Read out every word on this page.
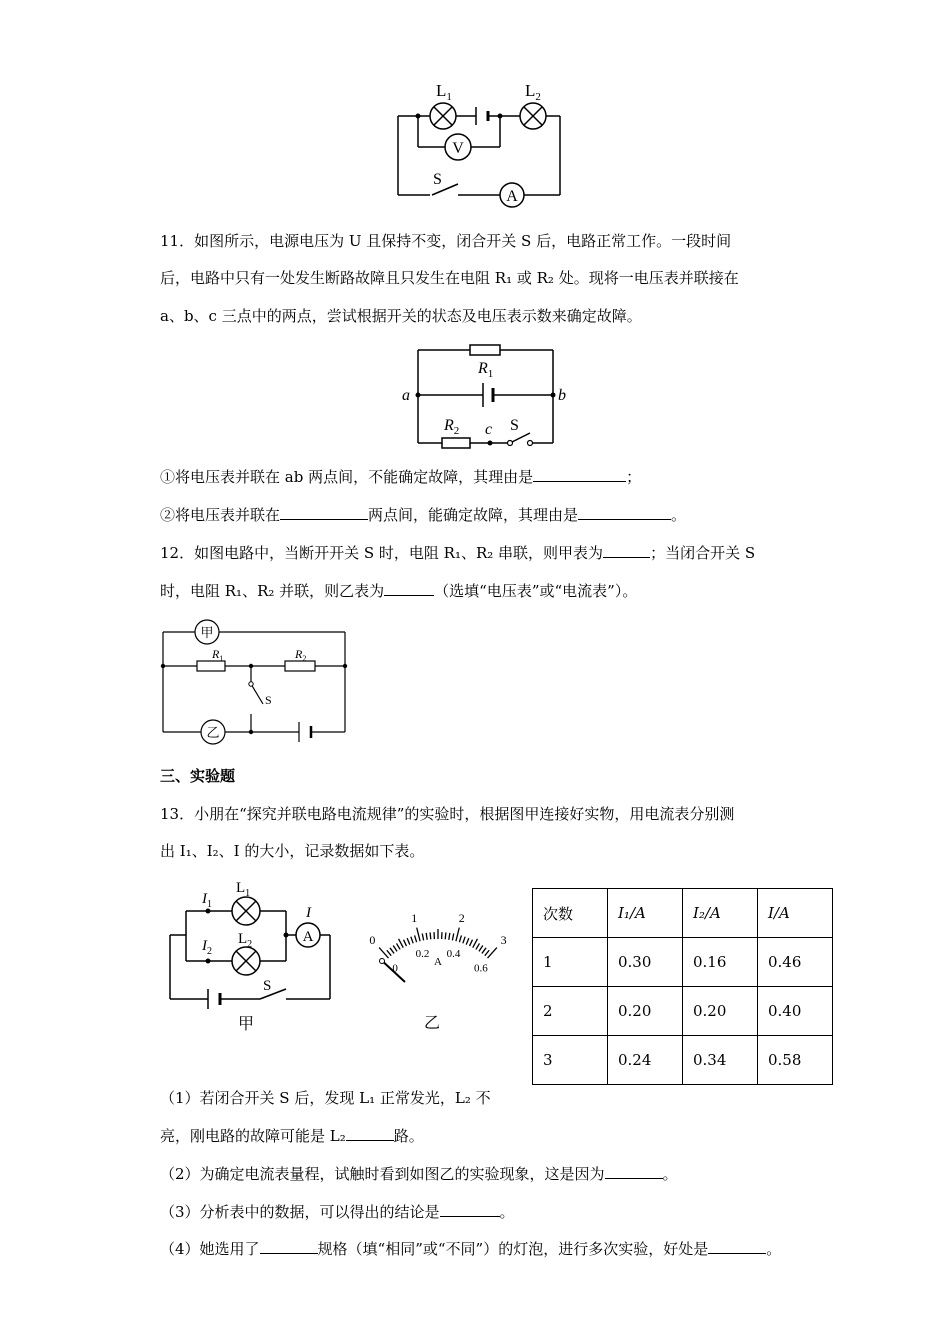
V
A
$L_1$	$L_2$
S
11．如图所示，电源电压为 U 且保持不变，闭合开关 S 后，电路正常工作。一段时间
后，电路中只有一处发生断路故障且只发生在电阻 R₁ 或 R₂ 处。现将一电压表并联接在
a、b、c 三点中的两点，尝试根据开关的状态及电压表示数来确定故障。
$R_1$
$R_2$
a	b
c S
①将电压表并联在 ab 两点间，不能确定故障，其理由是	；
②将电压表并联在	两点间，能确定故障，其理由是	。
12．如图电路中，当断开开关 S 时，电阻 R₁、R₂ 串联，则甲表为	；当闭合开关 S
时，电阻 R₁、R₂ 并联，则乙表为	（选填“电压表”或“电流表”）。
甲
乙
$R_1$	$R_2$
S
三、实验题
13．小朋在“探究并联电路电流规律”的实验时，根据图甲连接好实物，用电流表分别测
出 I₁、I₂、I 的大小，记录数据如下表。
A
$I_1$
$I_2$
I
$L_1$
$L_2$
S
甲
0
1	2
3
0
0.2 0.4
0.6
A
乙
次数	I₁/A	I₂/A	I/A
1	0.30	0.16	0.46
2	0.20	0.20	0.40
3	0.24	0.34	0.58
（1）若闭合开关 S 后，发现 L₁ 正常发光，L₂ 不
亮，刚电路的故障可能是 L₂	路。
（2）为确定电流表量程，试触时看到如图乙的实验现象，这是因为	。
（3）分析表中的数据，可以得出的结论是	。
（4）她选用了	规格（填“相同”或“不同”）的灯泡，进行多次实验，好处是	。
